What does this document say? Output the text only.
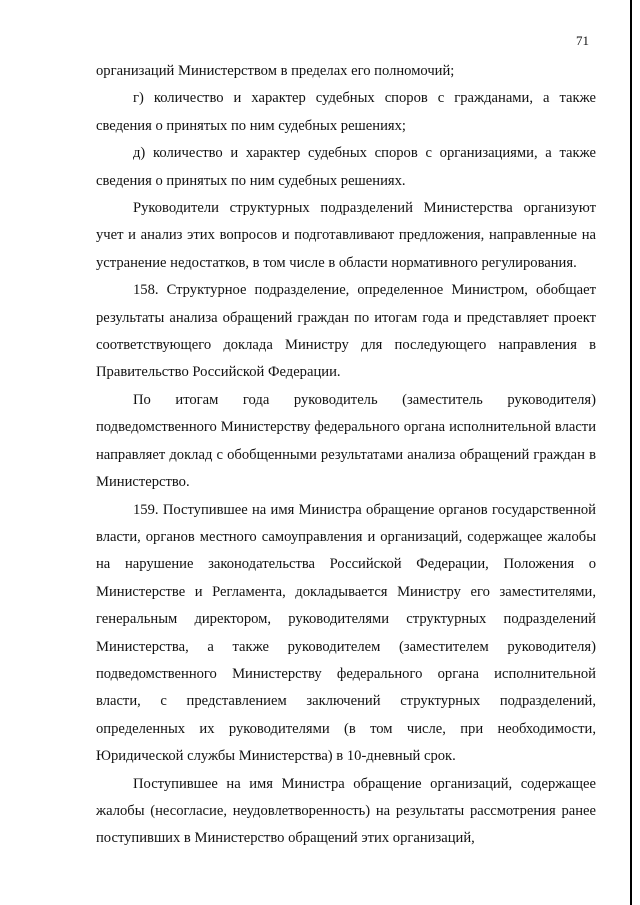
71

организаций Министерством в пределах его полномочий;

г) количество и характер судебных споров с гражданами, а также сведения о принятых по ним судебных решениях;

д) количество и характер судебных споров с организациями, а также сведения о принятых по ним судебных решениях.

Руководители структурных подразделений Министерства организуют учет и анализ этих вопросов и подготавливают предложения, направленные на устранение недостатков, в том числе в области нормативного регулирования.

158. Структурное подразделение, определенное Министром, обобщает результаты анализа обращений граждан по итогам года и представляет проект соответствующего доклада Министру для последующего направления в Правительство Российской Федерации.

По итогам года руководитель (заместитель руководителя) подведомственного Министерству федерального органа исполнительной власти направляет доклад с обобщенными результатами анализа обращений граждан в Министерство.

159. Поступившее на имя Министра обращение органов государственной власти, органов местного самоуправления и организаций, содержащее жалобы на нарушение законодательства Российской Федерации, Положения о Министерстве и Регламента, докладывается Министру его заместителями, генеральным директором, руководителями структурных подразделений Министерства, а также руководителем (заместителем руководителя) подведомственного Министерству федерального органа исполнительной власти, с представлением заключений структурных подразделений, определенных их руководителями (в том числе, при необходимости, Юридической службы Министерства) в 10-дневный срок.

Поступившее на имя Министра обращение организаций, содержащее жалобы (несогласие, неудовлетворенность) на результаты рассмотрения ранее поступивших в Министерство обращений этих организаций,
